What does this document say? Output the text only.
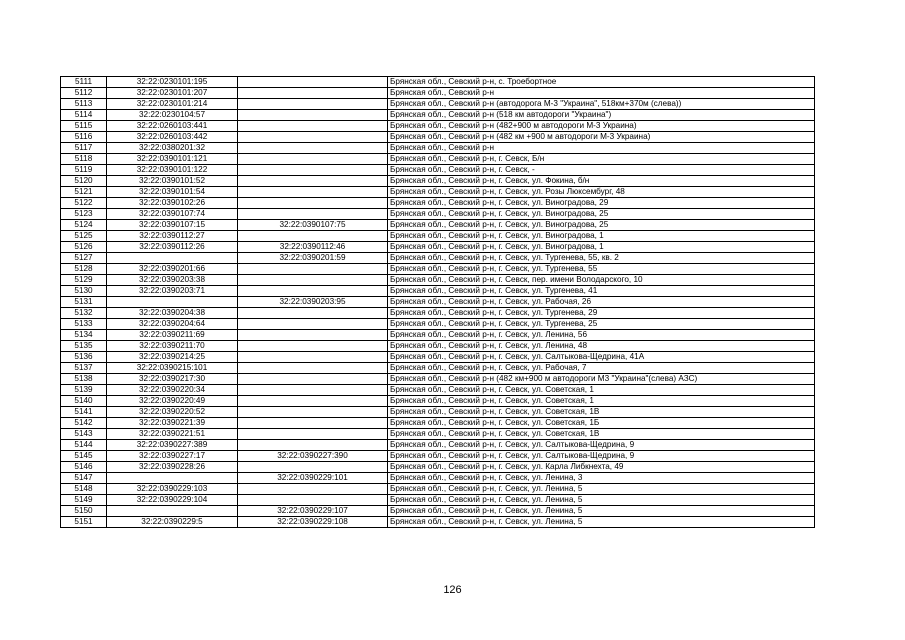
5111	32:22:0230101:195		Брянская обл., Севский р-н, с. Троебортное
5112	32:22:0230101:207		Брянская обл., Севский р-н
5113	32:22:0230101:214		Брянская обл., Севский р-н (автодорога М-3 "Украина", 518км+370м (слева))
5114	32:22:0230104:57		Брянская обл., Севский р-н (518 км автодороги "Украина")
5115	32:22:0260103:441		Брянская обл., Севский р-н (482+900 м автодороги М-3 Украина)
5116	32:22:0260103:442		Брянская обл., Севский р-н (482 км +900 м автодороги М-3 Украина)
5117	32:22:0380201:32		Брянская обл., Севский р-н
5118	32:22:0390101:121		Брянская обл., Севский р-н, г. Севск, Б/н
5119	32:22:0390101:122		Брянская обл., Севский р-н, г. Севск, -
5120	32:22:0390101:52		Брянская обл., Севский р-н, г. Севск, ул. Фокина, б/н
5121	32:22:0390101:54		Брянская обл., Севский р-н, г. Севск, ул. Розы Люксембург, 48
5122	32:22:0390102:26		Брянская обл., Севский р-н, г. Севск, ул. Виноградова, 29
5123	32:22:0390107:74		Брянская обл., Севский р-н, г. Севск, ул. Виноградова, 25
5124	32:22:0390107:15	32:22:0390107:75	Брянская обл., Севский р-н, г. Севск, ул. Виноградова, 25
5125	32:22:0390112:27		Брянская обл., Севский р-н, г. Севск, ул. Виноградова, 1
5126	32:22:0390112:26	32:22:0390112:46	Брянская обл., Севский р-н, г. Севск, ул. Виноградова, 1
5127		32:22:0390201:59	Брянская обл., Севский р-н, г. Севск, ул. Тургенева, 55, кв. 2
5128	32:22:0390201:66		Брянская обл., Севский р-н, г. Севск, ул. Тургенева, 55
5129	32:22:0390203:38		Брянская обл., Севский р-н, г. Севск, пер. имени Володарского, 10
5130	32:22:0390203:71		Брянская обл., Севский р-н, г. Севск, ул. Тургенева, 41
5131		32:22:0390203:95	Брянская обл., Севский р-н, г. Севск, ул. Рабочая, 26
5132	32:22:0390204:38		Брянская обл., Севский р-н, г. Севск, ул. Тургенева, 29
5133	32:22:0390204:64		Брянская обл., Севский р-н, г. Севск, ул. Тургенева, 25
5134	32:22:0390211:69		Брянская обл., Севский р-н, г. Севск, ул. Ленина, 56
5135	32:22:0390211:70		Брянская обл., Севский р-н, г. Севск, ул. Ленина, 48
5136	32:22:0390214:25		Брянская обл., Севский р-н, г. Севск, ул. Салтыкова-Щедрина, 41А
5137	32:22:0390215:101		Брянская обл., Севский р-н, г. Севск, ул. Рабочая, 7
5138	32:22:0390217:30		Брянская обл., Севский р-н (482 км+900 м автодороги М3 "Украина"(слева) АЗС)
5139	32:22:0390220:34		Брянская обл., Севский р-н, г. Севск, ул. Советская, 1
5140	32:22:0390220:49		Брянская обл., Севский р-н, г. Севск, ул. Советская, 1
5141	32:22:0390220:52		Брянская обл., Севский р-н, г. Севск, ул. Советская, 1В
5142	32:22:0390221:39		Брянская обл., Севский р-н, г. Севск, ул. Советская, 1Б
5143	32:22:0390221:51		Брянская обл., Севский р-н, г. Севск, ул. Советская, 1В
5144	32:22:0390227:389		Брянская обл., Севский р-н, г. Севск, ул. Салтыкова-Щедрина, 9
5145	32:22:0390227:17	32:22:0390227:390	Брянская обл., Севский р-н, г. Севск, ул. Салтыкова-Щедрина, 9
5146	32:22:0390228:26		Брянская обл., Севский р-н, г. Севск, ул. Карла Либкнехта, 49
5147		32:22:0390229:101	Брянская обл., Севский р-н, г. Севск, ул. Ленина, 3
5148	32:22:0390229:103		Брянская обл., Севский р-н, г. Севск, ул. Ленина, 5
5149	32:22:0390229:104		Брянская обл., Севский р-н, г. Севск, ул. Ленина, 5
5150		32:22:0390229:107	Брянская обл., Севский р-н, г. Севск, ул. Ленина, 5
5151	32:22:0390229:5	32:22:0390229:108	Брянская обл., Севский р-н, г. Севск, ул. Ленина, 5
126
